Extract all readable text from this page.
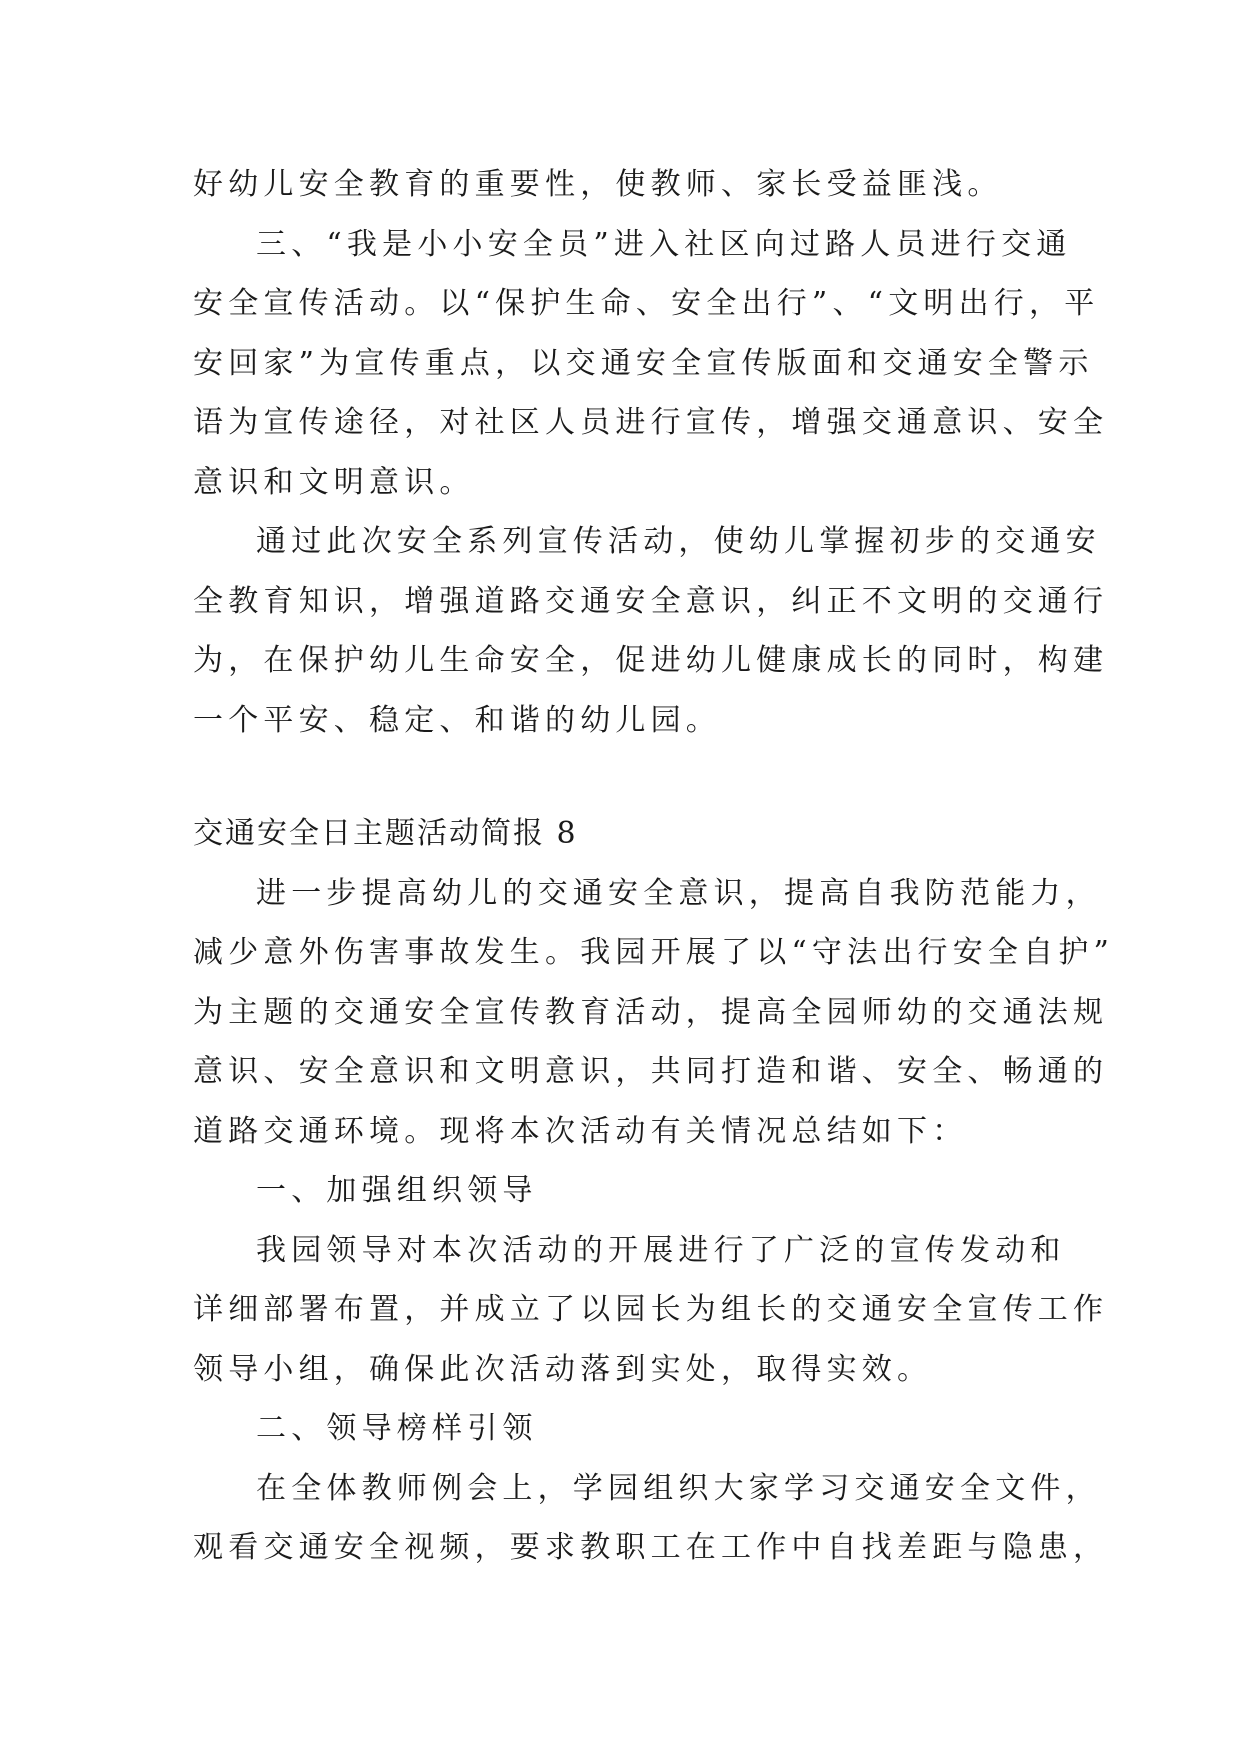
好幼儿安全教育的重要性，使教师、家长受益匪浅。
三、“我是小小安全员”进入社区向过路人员进行交通
安全宣传活动。以“保护生命、安全出行”、“文明出行，平
安回家”为宣传重点，以交通安全宣传版面和交通安全警示
语为宣传途径，对社区人员进行宣传，增强交通意识、安全
意识和文明意识。
通过此次安全系列宣传活动，使幼儿掌握初步的交通安
全教育知识，增强道路交通安全意识，纠正不文明的交通行
为，在保护幼儿生命安全，促进幼儿健康成长的同时，构建
一个平安、稳定、和谐的幼儿园。
交通安全日主题活动简报 8
进一步提高幼儿的交通安全意识，提高自我防范能力，
减少意外伤害事故发生。我园开展了以“守法出行安全自护”
为主题的交通安全宣传教育活动，提高全园师幼的交通法规
意识、安全意识和文明意识，共同打造和谐、安全、畅通的
道路交通环境。现将本次活动有关情况总结如下：
一、加强组织领导
我园领导对本次活动的开展进行了广泛的宣传发动和
详细部署布置，并成立了以园长为组长的交通安全宣传工作
领导小组，确保此次活动落到实处，取得实效。
二、领导榜样引领
在全体教师例会上，学园组织大家学习交通安全文件，
观看交通安全视频，要求教职工在工作中自找差距与隐患，
